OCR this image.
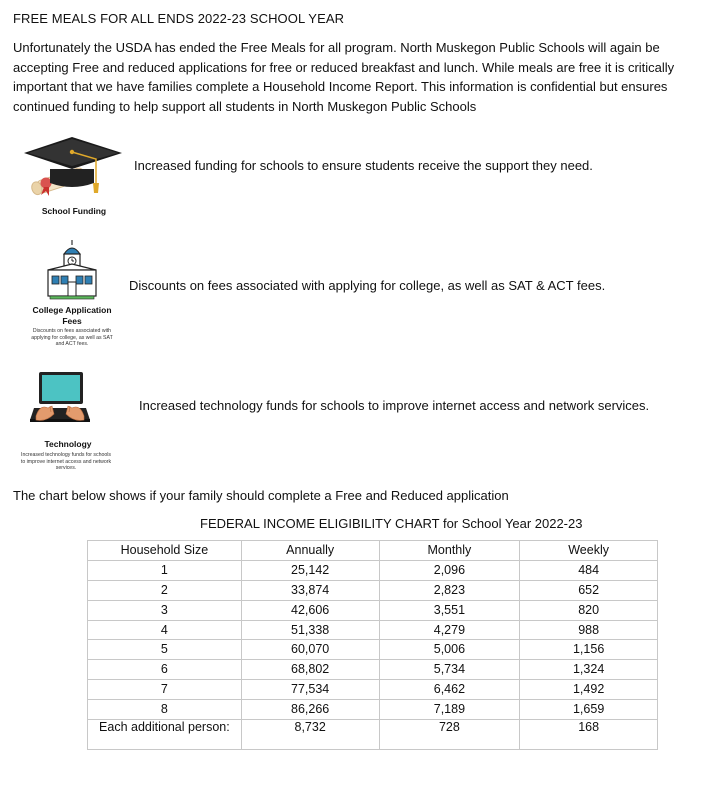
FREE MEALS FOR ALL ENDS 2022-23 SCHOOL YEAR
Unfortunately the USDA has ended the Free Meals for all program. North Muskegon Public Schools will again be accepting Free and reduced applications for free or reduced breakfast and lunch. While meals are free it is critically important that we have families complete a Household Income Report. This information is confidential but ensures continued funding to help support all students in North Muskegon Public Schools
School Funding
Increased funding for schools to ensure students receive the support they need.
College Application Fees
Discounts on fees associated with applying for college, as well as SAT and ACT fees.
Discounts on fees associated with applying for college, as well as SAT & ACT fees.
Technology
Increased technology funds for schools to improve internet access and network services.
Increased technology funds for schools to improve internet access and network services.
The chart below shows if your family should complete a Free and Reduced application
FEDERAL INCOME ELIGIBILITY CHART for School Year 2022-23
Household Size	Annually	Monthly	Weekly
1	25,142	2,096	484
2	33,874	2,823	652
3	42,606	3,551	820
4	51,338	4,279	988
5	60,070	5,006	1,156
6	68,802	5,734	1,324
7	77,534	6,462	1,492
8	86,266	7,189	1,659
Each additional person:	8,732	728	168
